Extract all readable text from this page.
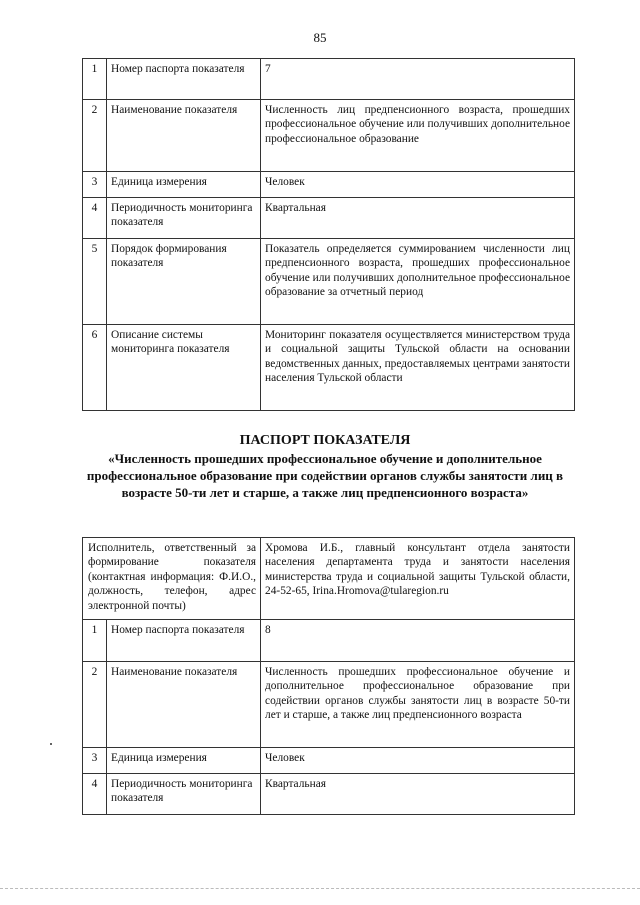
85
1	Номер паспорта показателя	7
2	Наименование показателя	Численность лиц предпенсионного возраста, прошедших профессиональное обучение или получивших дополнительное профессиональное образование
3	Единица измерения	Человек
4	Периодичность мониторинга показателя	Квартальная
5	Порядок формирования показателя	Показатель определяется суммированием численности лиц предпенсионного возраста, прошедших профессиональное обучение или получивших дополнительное профессиональное образование за отчетный период
6	Описание системы мониторинга показателя	Мониторинг показателя осуществляется министерством труда и социальной защиты Тульской области на основании ведомственных данных, предоставляемых центрами занятости населения Тульской области
ПАСПОРТ ПОКАЗАТЕЛЯ
«Численность прошедших профессиональное обучение и дополнительное профессиональное образование при содействии органов службы занятости лиц в возрасте 50-ти лет и старше, а также лиц предпенсионного возраста»
Исполнитель, ответственный за формирование показателя (контактная информация: Ф.И.О., должность, телефон, адрес электронной почты)		Хромова И.Б., главный консультант отдела занятости населения департамента труда и занятости населения министерства труда и социальной защиты Тульской области, 24-52-65, Irina.Hromova@tularegion.ru
1	Номер паспорта показателя	8
2	Наименование показателя	Численность прошедших профессиональное обучение и дополнительное профессиональное образование при содействии органов службы занятости лиц в возрасте 50-ти лет и старше, а также лиц предпенсионного возраста
3	Единица измерения	Человек
4	Периодичность мониторинга показателя	Квартальная
